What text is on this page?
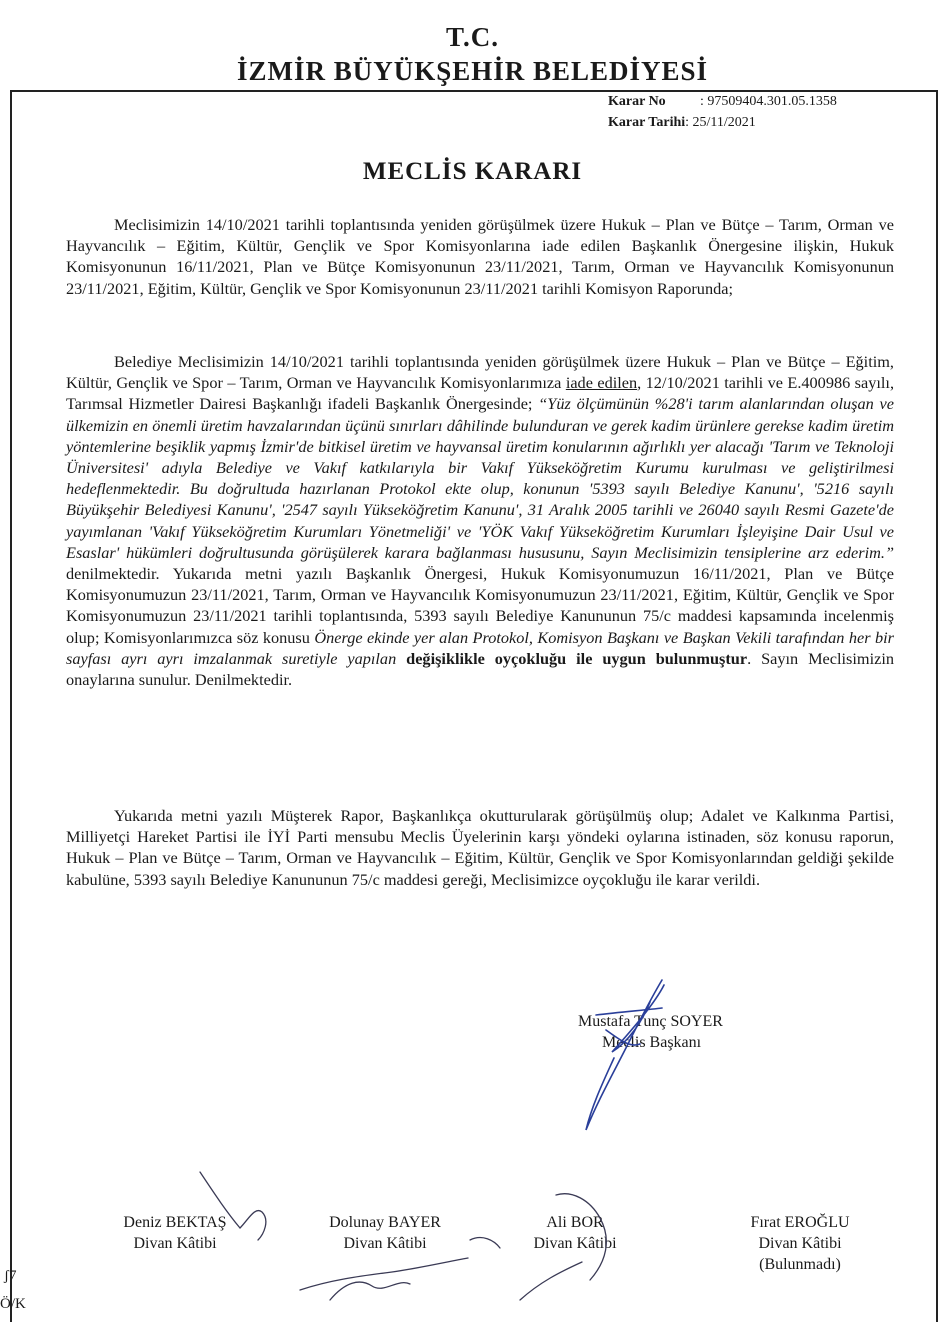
T.C.
İZMİR BÜYÜKŞEHİR BELEDİYESİ
Karar No : 97509404.301.05.1358
Karar Tarihi: 25/11/2021
MECLİS KARARI

Meclisimizin 14/10/2021 tarihli toplantısında yeniden görüşülmek üzere Hukuk – Plan ve Bütçe – Tarım, Orman ve Hayvancılık – Eğitim, Kültür, Gençlik ve Spor Komisyonlarına iade edilen Başkanlık Önergesine ilişkin, Hukuk Komisyonunun 16/11/2021, Plan ve Bütçe Komisyonunun 23/11/2021, Tarım, Orman ve Hayvancılık Komisyonunun 23/11/2021, Eğitim, Kültür, Gençlik ve Spor Komisyonunun 23/11/2021 tarihli Komisyon Raporunda;

Belediye Meclisimizin 14/10/2021 tarihli toplantısında yeniden görüşülmek üzere Hukuk – Plan ve Bütçe – Eğitim, Kültür, Gençlik ve Spor – Tarım, Orman ve Hayvancılık Komisyonlarımıza iade edilen, 12/10/2021 tarihli ve E.400986 sayılı, Tarımsal Hizmetler Dairesi Başkanlığı ifadeli Başkanlık Önergesinde; “Yüz ölçümünün %28'i tarım alanlarından oluşan ve ülkemizin en önemli üretim havzalarından üçünü sınırları dâhilinde bulunduran ve gerek kadim ürünlere gerekse kadim üretim yöntemlerine beşiklik yapmış İzmir'de bitkisel üretim ve hayvansal üretim konularının ağırlıklı yer alacağı 'Tarım ve Teknoloji Üniversitesi' adıyla Belediye ve Vakıf katkılarıyla bir Vakıf Yükseköğretim Kurumu kurulması ve geliştirilmesi hedeflenmektedir. Bu doğrultuda hazırlanan Protokol ekte olup, konunun '5393 sayılı Belediye Kanunu', '5216 sayılı Büyükşehir Belediyesi Kanunu', '2547 sayılı Yükseköğretim Kanunu', 31 Aralık 2005 tarihli ve 26040 sayılı Resmi Gazete'de yayımlanan 'Vakıf Yükseköğretim Kurumları Yönetmeliği' ve 'YÖK Vakıf Yükseköğretim Kurumları İşleyişine Dair Usul ve Esaslar' hükümleri doğrultusunda görüşülerek karara bağlanması hususunu, Sayın Meclisimizin tensiplerine arz ederim.” denilmektedir. Yukarıda metni yazılı Başkanlık Önergesi, Hukuk Komisyonumuzun 16/11/2021, Plan ve Bütçe Komisyonumuzun 23/11/2021, Tarım, Orman ve Hayvancılık Komisyonumuzun 23/11/2021, Eğitim, Kültür, Gençlik ve Spor Komisyonumuzun 23/11/2021 tarihli toplantısında, 5393 sayılı Belediye Kanununun 75/c maddesi kapsamında incelenmiş olup; Komisyonlarımızca söz konusu Önerge ekinde yer alan Protokol, Komisyon Başkanı ve Başkan Vekili tarafından her bir sayfası ayrı ayrı imzalanmak suretiyle yapılan değişiklikle oyçokluğu ile uygun bulunmuştur. Sayın Meclisimizin onaylarına sunulur. Denilmektedir.

Yukarıda metni yazılı Müşterek Rapor, Başkanlıkça okutturularak görüşülmüş olup; Adalet ve Kalkınma Partisi, Milliyetçi Hareket Partisi ile İYİ Parti mensubu Meclis Üyelerinin karşı yöndeki oylarına istinaden, söz konusu raporun, Hukuk – Plan ve Bütçe – Tarım, Orman ve Hayvancılık – Eğitim, Kültür, Gençlik ve Spor Komisyonlarından geldiği şekilde kabulüne, 5393 sayılı Belediye Kanununun 75/c maddesi gereği, Meclisimizce oyçokluğu ile karar verildi.

Mustafa Tunç SOYER
Meclis Başkanı
Deniz BEKTAŞ
Divan Kâtibi
Dolunay BAYER
Divan Kâtibi
Ali BOR
Divan Kâtibi
Fırat EROĞLU
Divan Kâtibi
(Bulunmadı)
ʃ7
Ö/K
